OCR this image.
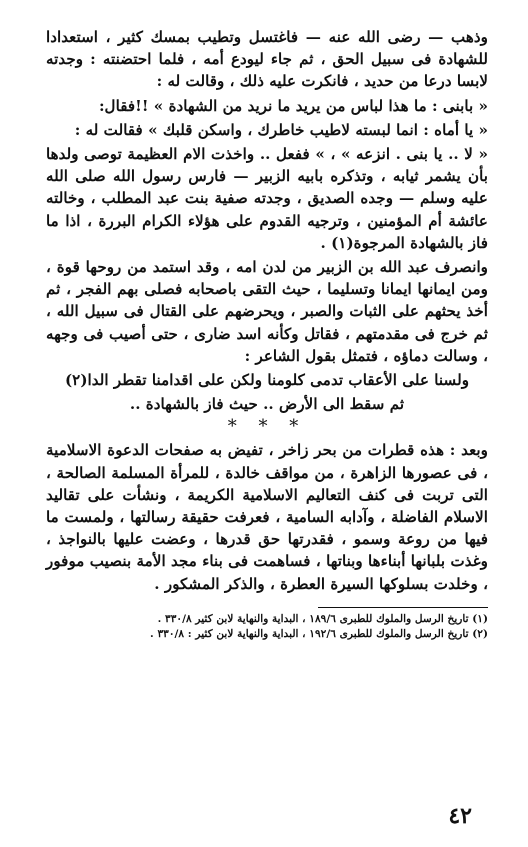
وذهب — رضى الله عنه — فاغتسل وتطيب بمسك كثير ، استعدادا للشهادة فى سبيل الحق ، ثم جاء ليودع أمه ، فلما احتضنته : وجدته لابسا درعا من حديد ، فانكرت عليه ذلك ، وقالت له :

« بابنى : ما هذا لباس من يريد ما نريد من الشهادة » !!فقال:

« يا أماه : انما لبسته لاطيب خاطرك ، واسكن قلبك » فقالت له :

« لا .. يا بنى . انزعه » ، » ففعل .. واخذت الام العظيمة توصى ولدها بأن يشمر ثيابه ، وتذكره بابيه الزبير — فارس رسول الله صلى الله عليه وسلم — وجده الصديق ، وجدته صفية بنت عبد المطلب ، وخالته عائشة أم المؤمنين ، وترجيه القدوم على هؤلاء الكرام البررة ، اذا ما فاز بالشهادة المرجوة(١) .

وانصرف عبد الله بن الزبير من لدن امه ، وقد استمد من روحها قوة ، ومن ايمانها ايمانا وتسليما ، حيث التقى باصحابه فصلى بهم الفجر ، ثم أخذ يحثهم على الثبات والصبر ، ويحرضهم على القتال فى سبيل الله ، ثم خرج فى مقدمتهم ، فقاتل وكأنه اسد ضارى ، حتى أصيب فى وجهه ، وسالت دماؤه ، فتمثل بقول الشاعر :

ولسنا على الأعقاب تدمى كلومنا ولكن على اقدامنا تقطر الدا(٢)

ثم سقط الى الأرض .. حيث فاز بالشهادة ..

* * *

وبعد : هذه قطرات من بحر زاخر ، تفيض به صفحات الدعوة الاسلامية ، فى عصورها الزاهرة ، من مواقف خالدة ، للمرأة المسلمة الصالحة ، التى تربت فى كنف التعاليم الاسلامية الكريمة ، ونشأت على تقاليد الاسلام الفاضلة ، وآدابه السامية ، فعرفت حقيقة رسالتها ، ولمست ما فيها من روعة وسمو ، فقدرتها حق قدرها ، وعضت عليها بالنواجذ ، وغذت بلبانها أبناءها وبناتها ، فساهمت فى بناء مجد الأمة بنصيب موفور ، وخلدت بسلوكها السيرة العطرة ، والذكر المشكور .

(١) تاريخ الرسل والملوك للطبرى ١٨٩/٦ ، البداية والنهاية لابن كثير ٣٣٠/٨ .

(٢) تاريخ الرسل والملوك للطبرى ١٩٢/٦ ، البداية والنهاية لابن كثير : ٣٣٠/٨ .

٤٢
